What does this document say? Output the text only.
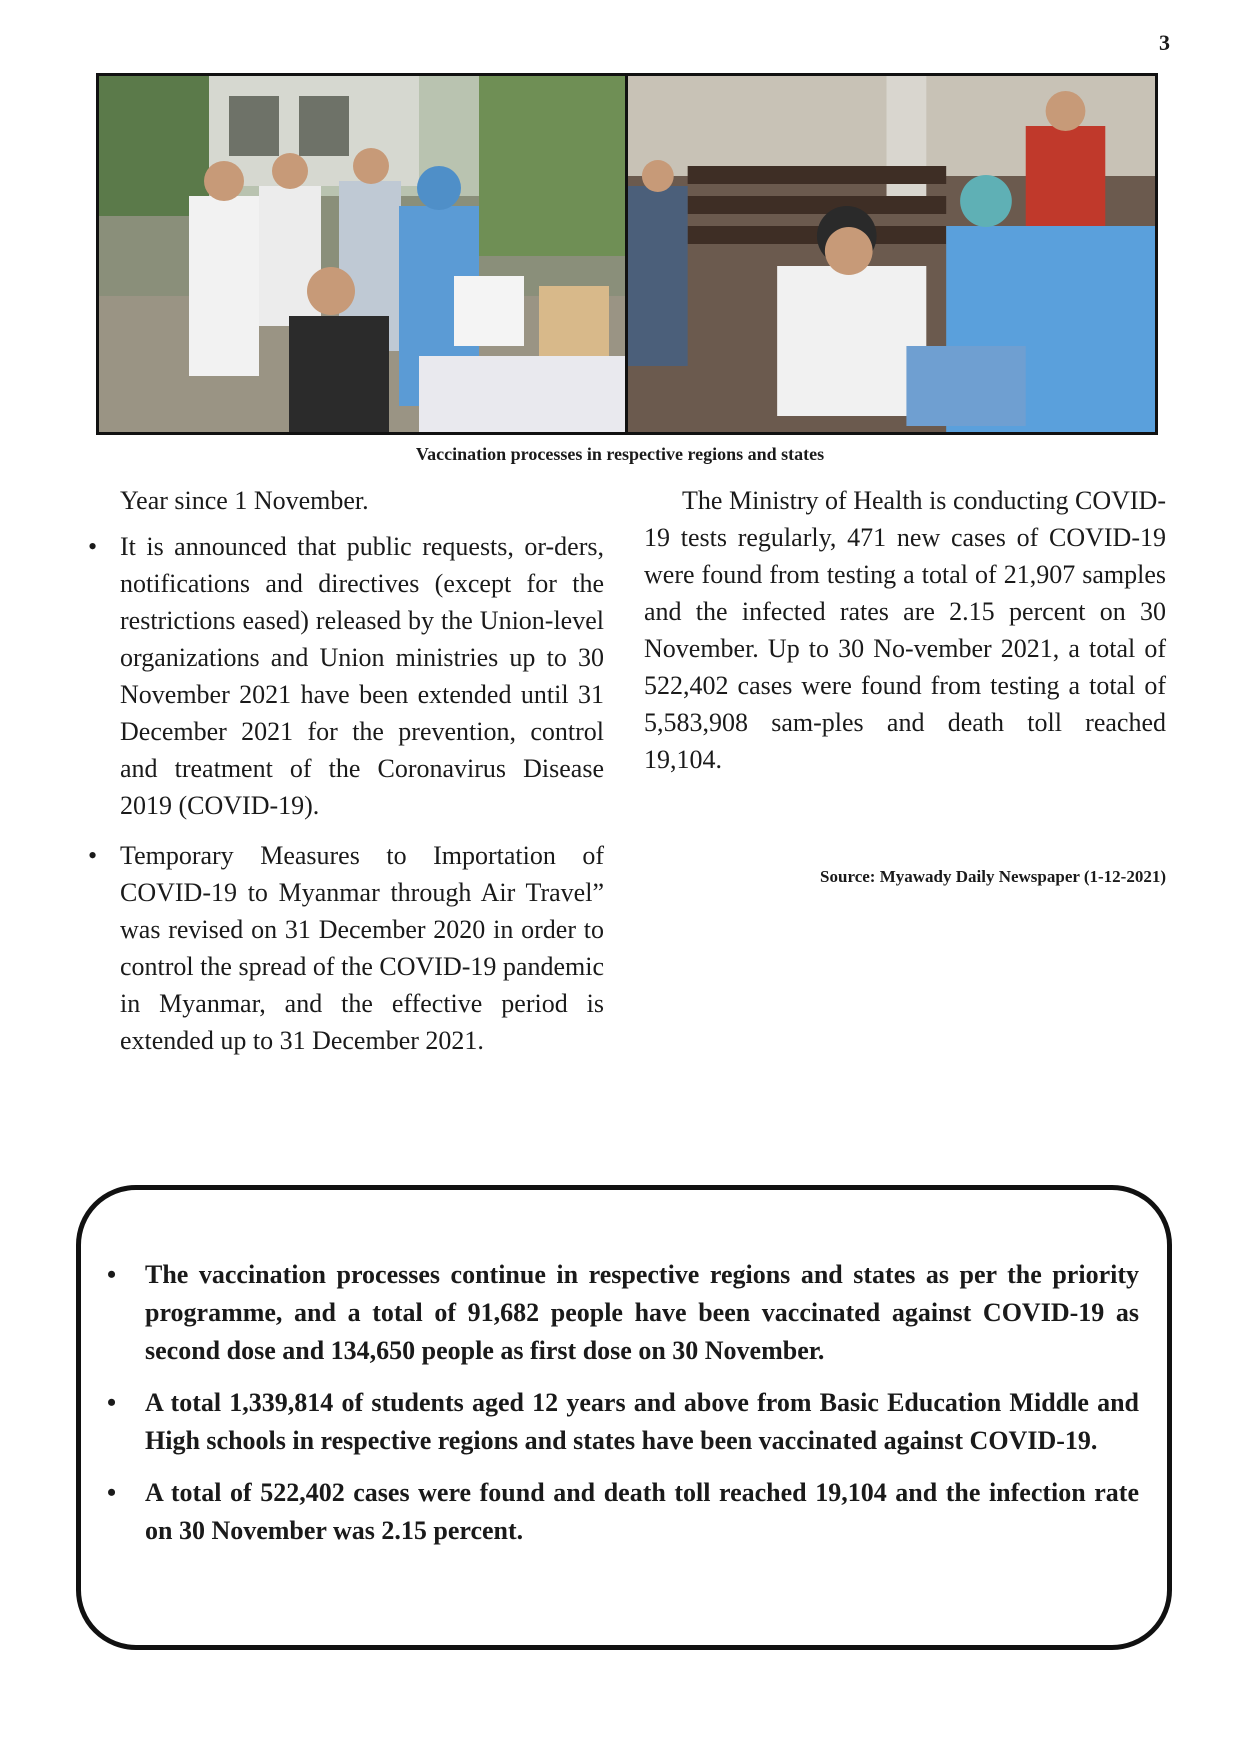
3
Vaccination processes in respective regions and states

Year since 1 November.

• It is announced that public requests, or-ders, notifications and directives (except for the restrictions eased) released by the Union-level organizations and Union ministries up to 30 November 2021 have been extended until 31 December 2021 for the prevention, control and treatment of the Coronavirus Disease 2019 (COVID-19).
• Temporary Measures to Importation of COVID-19 to Myanmar through Air Travel” was revised on 31 December 2020 in order to control the spread of the COVID-19 pandemic in Myanmar, and the effective period is extended up to 31 December 2021.

The Ministry of Health is conducting COVID-19 tests regularly, 471 new cases of COVID-19 were found from testing a total of 21,907 samples and the infected rates are 2.15 percent on 30 November. Up to 30 No-vember 2021, a total of 522,402 cases were found from testing a total of 5,583,908 sam-ples and death toll reached 19,104.

Source: Myawady Daily Newspaper (1-12-2021)
• The vaccination processes continue in respective regions and states as per the priority programme, and a total of 91,682 people have been vaccinated against COVID-19 as second dose and 134,650 people as first dose on 30 November.
• A total 1,339,814 of students aged 12 years and above from Basic Education Middle and High schools in respective regions and states have been vaccinated against COVID-19.
• A total of 522,402 cases were found and death toll reached 19,104 and the infection rate on 30 November was 2.15 percent.
